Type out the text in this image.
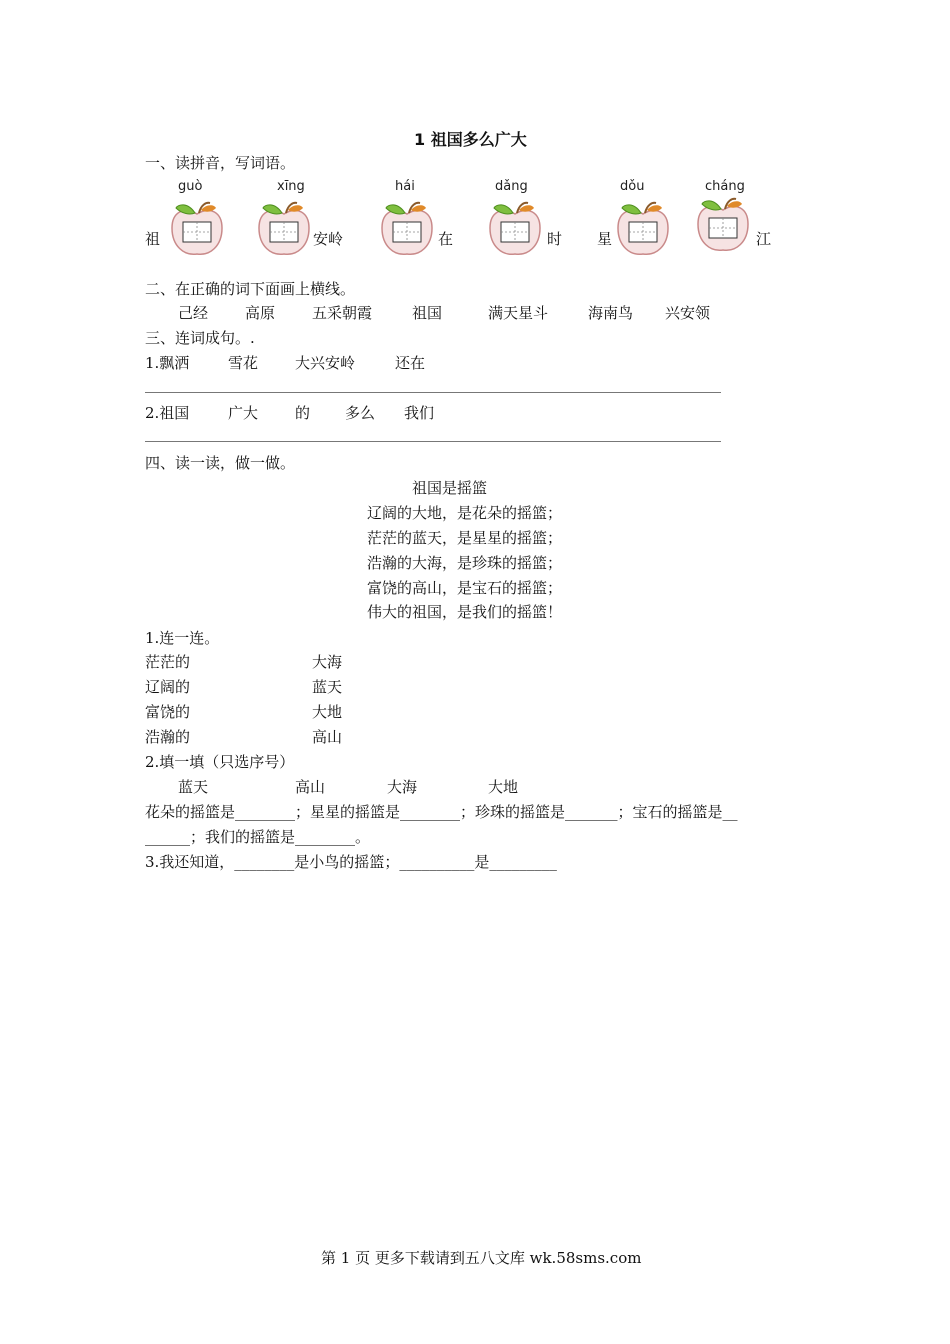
1 祖国多么广大
一、读拼音，写词语。
guò	xīng	hái	dǎng	dǒu	cháng
祖	安岭	在	时 星	江
二、在正确的词下面画上横线。
己经 高原 五采朝霞	祖国	满天星斗	海南鸟 兴安领
三、连词成句。.
1.飘洒	雪花 大兴安岭	还在
2.祖国	广大 的 多么 我们
四、读一读，做一做。
祖国是摇篮
辽阔的大地，是花朵的摇篮；
茫茫的蓝天，是星星的摇篮；
浩瀚的大海，是珍珠的摇篮；
富饶的高山，是宝石的摇篮；
伟大的祖国，是我们的摇篮！
1.连一连。
茫茫的	大海
辽阔的	蓝天
富饶的	大地
浩瀚的	高山
2.填一填（只选序号）
蓝天	高山	大海	大地
花朵的摇篮是________；星星的摇篮是________；珍珠的摇篮是_______；宝石的摇篮是__
______；我们的摇篮是________。
3.我还知道，________是小鸟的摇篮；__________是_________
第 1 页 更多下载请到五八文库 wk.58sms.com
